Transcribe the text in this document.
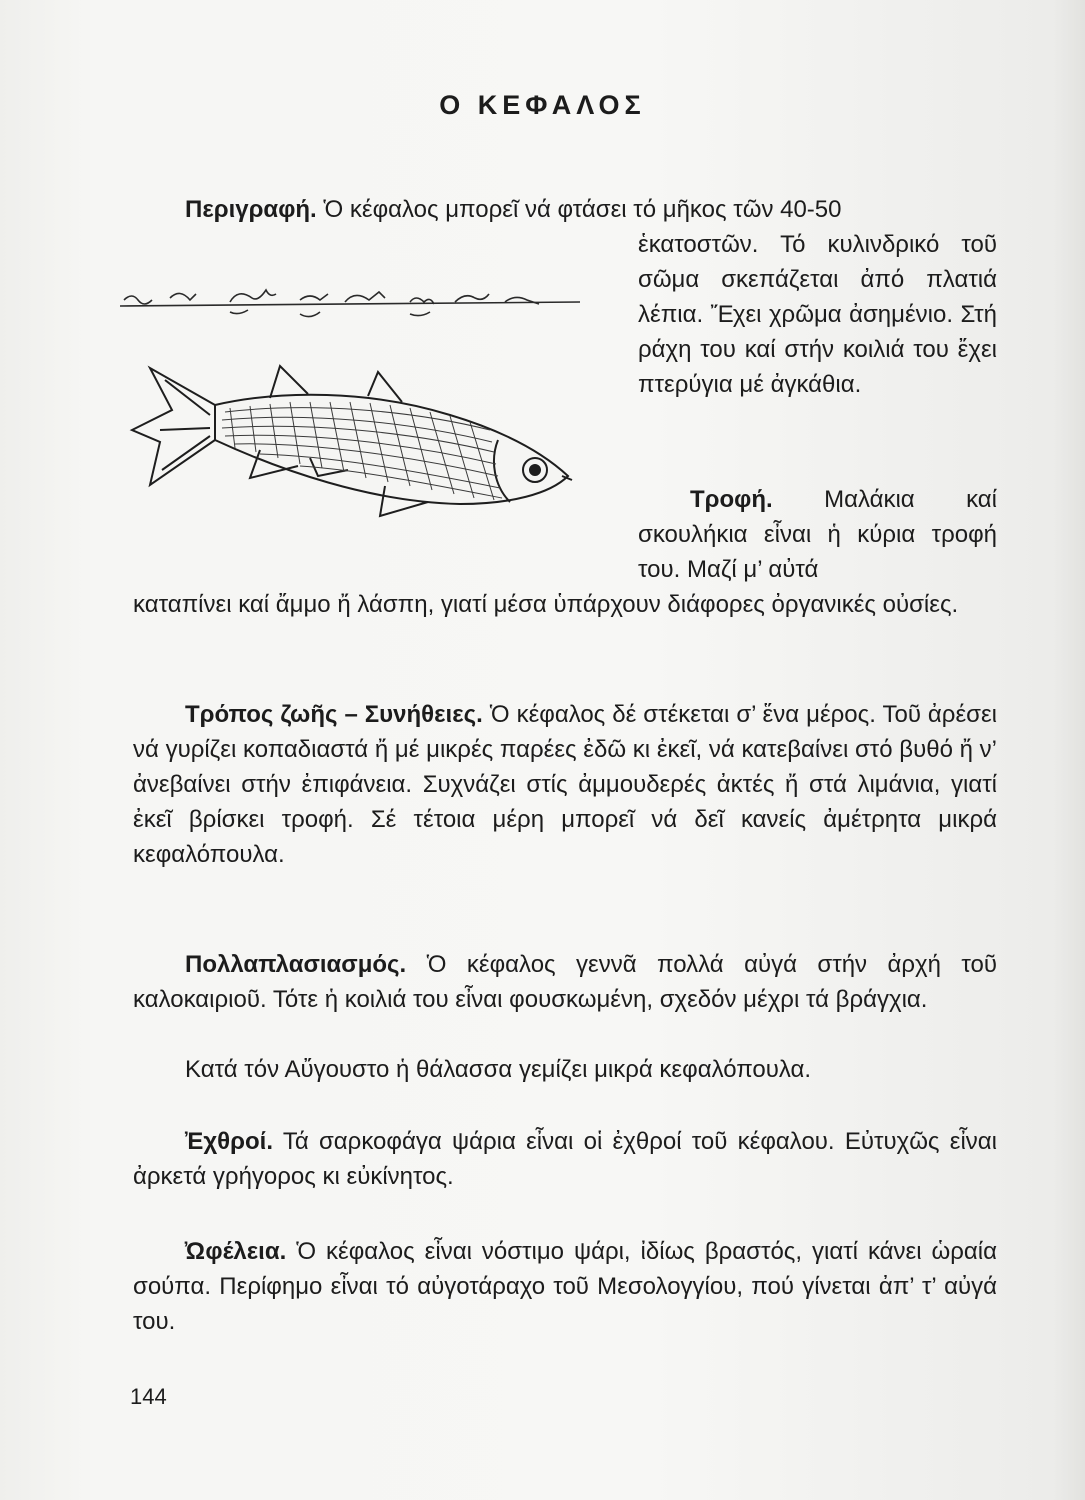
Ο ΚΕΦΑΛΟΣ

Περιγραφή. Ὁ κέφαλος μπορεῖ νά φτάσει τό μῆκος τῶν 40-50

ἑκατοστῶν. Τό κυλινδρικό τοῦ σῶμα σκεπάζεται ἀπό πλατιά λέπια. Ἔχει χρῶμα ἀσημένιο. Στή ράχη του καί στήν κοιλιά του ἔχει πτερύγια μέ ἀγκάθια.

Τροφή. Μαλάκια καί σκουλήκια εἶναι ἡ κύρια τροφή του. Μαζί μ’ αὐτά

καταπίνει καί ἄμμο ἤ λάσπη, γιατί μέσα ὑπάρχουν διάφορες ὀργανικές οὐσίες.

Τρόπος ζωῆς – Συνήθειες. Ὁ κέφαλος δέ στέκεται σ’ ἕνα μέρος. Τοῦ ἀρέσει νά γυρίζει κοπαδιαστά ἤ μέ μικρές παρέες ἐδῶ κι ἐκεῖ, νά κατεβαίνει στό βυθό ἤ ν’ ἀνεβαίνει στήν ἐπιφάνεια. Συχνάζει στίς ἀμμουδερές ἀκτές ἤ στά λιμάνια, γιατί ἐκεῖ βρίσκει τροφή. Σέ τέτοια μέρη μπορεῖ νά δεῖ κανείς ἀμέτρητα μικρά κεφαλόπουλα.

Πολλαπλασιασμός. Ὁ κέφαλος γεννᾶ πολλά αὐγά στήν ἀρχή τοῦ καλοκαιριοῦ. Τότε ἡ κοιλιά του εἶναι φουσκωμένη, σχεδόν μέχρι τά βράγχια.

Κατά τόν Αὔγουστο ἡ θάλασσα γεμίζει μικρά κεφαλόπουλα.

Ἐχθροί. Τά σαρκοφάγα ψάρια εἶναι οἱ ἐχθροί τοῦ κέφαλου. Εὐτυχῶς εἶναι ἀρκετά γρήγορος κι εὐκίνητος.

Ὠφέλεια. Ὁ κέφαλος εἶναι νόστιμο ψάρι, ἰδίως βραστός, γιατί κάνει ὡραία σούπα. Περίφημο εἶναι τό αὐγοτάραχο τοῦ Μεσολογγίου, πού γίνεται ἀπ’ τ’ αὐγά του.

144
